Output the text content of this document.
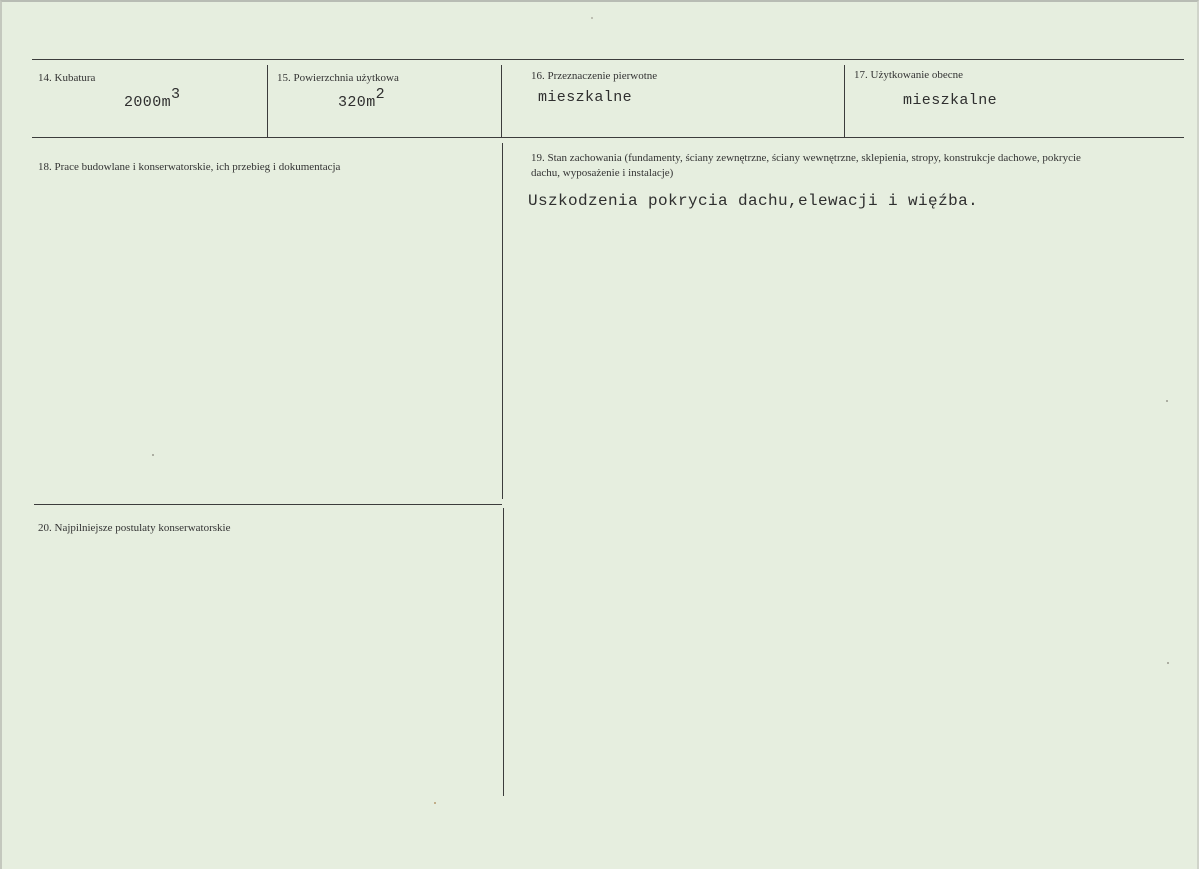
14. Kubatura
$2000m^3$
15. Powierzchnia użytkowa
$320m^2$
16. Przeznaczenie pierwotne
mieszkalne
17. Użytkowanie obecne
mieszkalne
18. Prace budowlane i konserwatorskie, ich przebieg i dokumentacja
19. Stan zachowania (fundamenty, ściany zewnętrzne, ściany wewnętrzne, sklepienia, stropy, konstrukcje dachowe, pokrycie dachu, wyposażenie i instalacje)
Uszkodzenia pokrycia dachu,elewacji i więźba.
20. Najpilniejsze postulaty konserwatorskie
